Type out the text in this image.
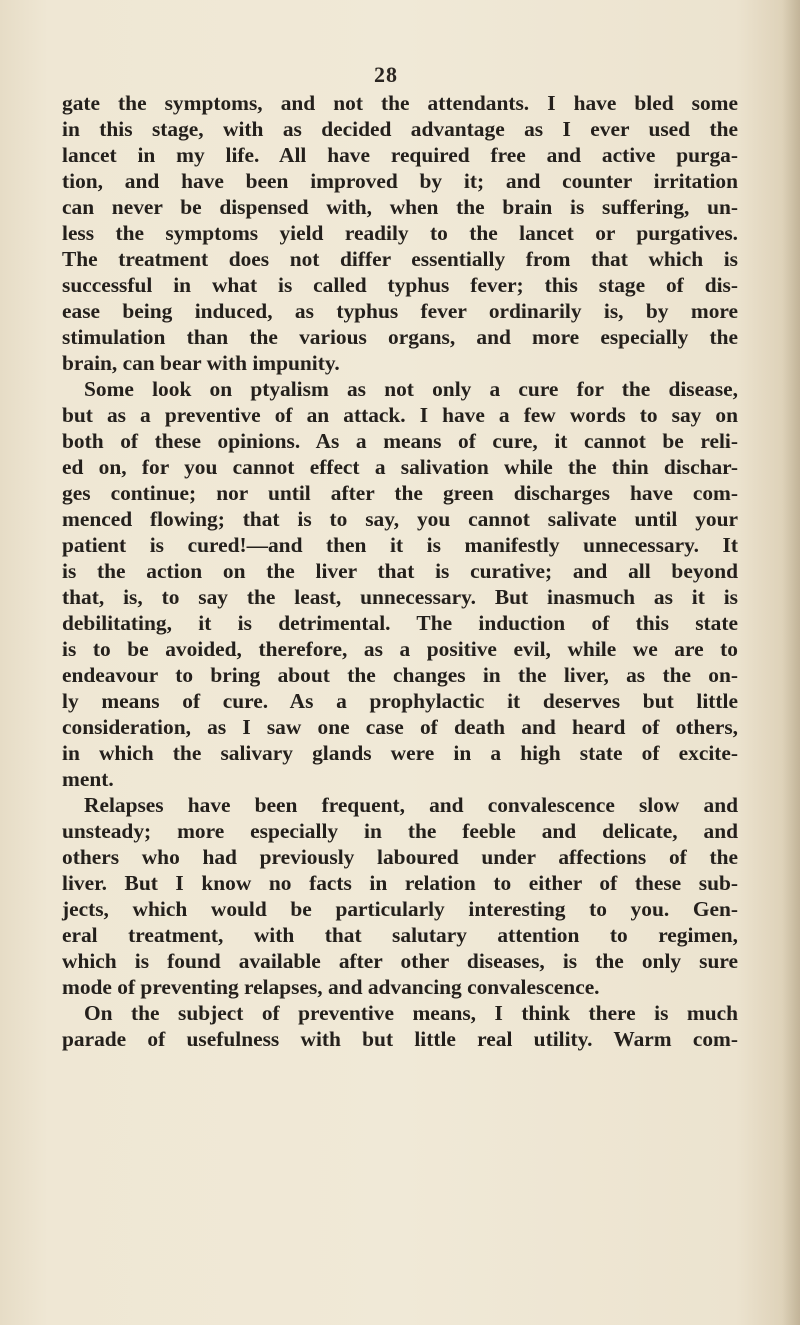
28
gate the symptoms, and not the attendants. I have bled some
in this stage, with as decided advantage as I ever used the
lancet in my life. All have required free and active purga-
tion, and have been improved by it; and counter irritation
can never be dispensed with, when the brain is suffering, un-
less the symptoms yield readily to the lancet or purgatives.
The treatment does not differ essentially from that which is
successful in what is called typhus fever; this stage of dis-
ease being induced, as typhus fever ordinarily is, by more
stimulation than the various organs, and more especially the
brain, can bear with impunity.
Some look on ptyalism as not only a cure for the disease,
but as a preventive of an attack. I have a few words to say on
both of these opinions. As a means of cure, it cannot be reli-
ed on, for you cannot effect a salivation while the thin dischar-
ges continue; nor until after the green discharges have com-
menced flowing; that is to say, you cannot salivate until your
patient is cured!—and then it is manifestly unnecessary. It
is the action on the liver that is curative; and all beyond
that, is, to say the least, unnecessary. But inasmuch as it is
debilitating, it is detrimental. The induction of this state
is to be avoided, therefore, as a positive evil, while we are to
endeavour to bring about the changes in the liver, as the on-
ly means of cure. As a prophylactic it deserves but little
consideration, as I saw one case of death and heard of others,
in which the salivary glands were in a high state of excite-
ment.
Relapses have been frequent, and convalescence slow and
unsteady; more especially in the feeble and delicate, and
others who had previously laboured under affections of the
liver. But I know no facts in relation to either of these sub-
jects, which would be particularly interesting to you. Gen-
eral treatment, with that salutary attention to regimen,
which is found available after other diseases, is the only sure
mode of preventing relapses, and advancing convalescence.
On the subject of preventive means, I think there is much
parade of usefulness with but little real utility. Warm com-
